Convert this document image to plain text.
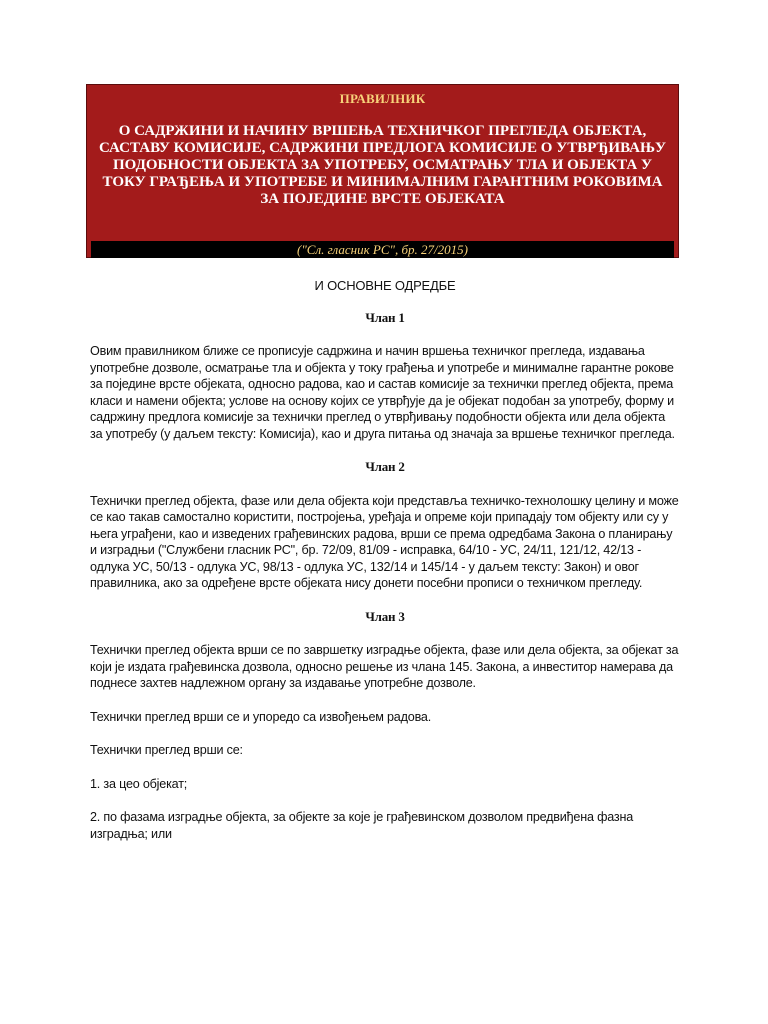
ПРАВИЛНИК
О САДРЖИНИ И НАЧИНУ ВРШЕЊА ТЕХНИЧКОГ ПРЕГЛЕДА ОБЈЕКТА, САСТАВУ КОМИСИЈЕ, САДРЖИНИ ПРЕДЛОГА КОМИСИЈЕ О УТВРЂИВАЊУ ПОДОБНОСТИ ОБЈЕКТА ЗА УПОТРЕБУ, ОСМАТРАЊУ ТЛА И ОБЈЕКТА У ТОКУ ГРАЂЕЊА И УПОТРЕБЕ И МИНИМАЛНИМ ГАРАНТНИМ РОКОВИМА ЗА ПОЈЕДИНЕ ВРСТЕ ОБЈЕКАТА
("Сл. гласник РС", бр. 27/2015)
И ОСНОВНЕ ОДРЕДБЕ
Члан 1

Овим правилником ближе се прописује садржина и начин вршења техничког прегледа, издавања употребне дозволе, осматрање тла и објекта у току грађења и употребе и минималне гарантне рокове за поједине врсте објеката, односно радова, као и састав комисије за технички преглед објекта, према класи и намени објекта; услове на основу којих се утврђује да је објекат подобан за употребу, форму и садржину предлога комисије за технички преглед о утврђивању подобности објекта или дела објекта за употребу (у даљем тексту: Комисија), као и друга питања од значаја за вршење техничког прегледа.

Члан 2

Технички преглед објекта, фазе или дела објекта који представља техничко-технолошку целину и може се као такав самостално користити, постројења, уређаја и опреме који припадају том објекту или су у њега уграђени, као и изведених грађевинских радова, врши се према одредбама Закона о планирању и изградњи ("Службени гласник РС", бр. 72/09, 81/09 - исправка, 64/10 - УС, 24/11, 121/12, 42/13 - одлука УС, 50/13 - одлука УС, 98/13 - одлука УС, 132/14 и 145/14 - у даљем тексту: Закон) и овог правилника, ако за одређене врсте објеката нису донети посебни прописи о техничком прегледу.

Члан 3

Технички преглед објекта врши се по завршетку изградње објекта, фазе или дела објекта, за објекат за који је издата грађевинска дозвола, односно решење из члана 145. Закона, а инвеститор намерава да поднесе захтев надлежном органу за издавање употребне дозволе.

Технички преглед врши се и упоредо са извођењем радова.

Технички преглед врши се:

1. за цео објекат;

2. по фазама изградње објекта, за објекте за које је грађевинском дозволом предвиђена фазна изградња; или
